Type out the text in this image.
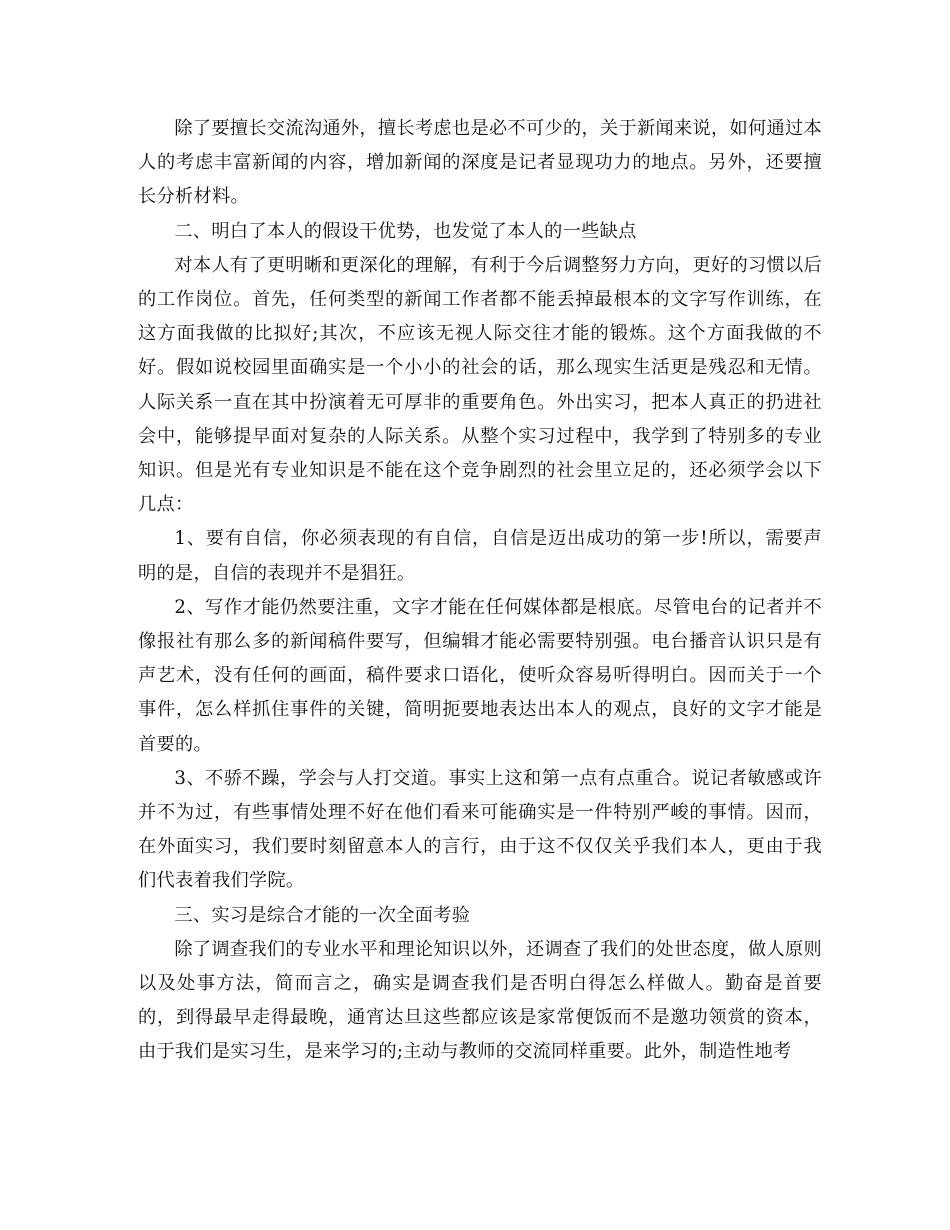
除了要擅长交流沟通外，擅长考虑也是必不可少的，关于新闻来说，如何通过本人的考虑丰富新闻的内容，增加新闻的深度是记者显现功力的地点。另外，还要擅长分析材料。

二、明白了本人的假设干优势，也发觉了本人的一些缺点

对本人有了更明晰和更深化的理解，有利于今后调整努力方向，更好的习惯以后的工作岗位。首先，任何类型的新闻工作者都不能丢掉最根本的文字写作训练，在这方面我做的比拟好;其次，不应该无视人际交往才能的锻炼。这个方面我做的不好。假如说校园里面确实是一个小小的社会的话，那么现实生活更是残忍和无情。人际关系一直在其中扮演着无可厚非的重要角色。外出实习，把本人真正的扔进社会中，能够提早面对复杂的人际关系。从整个实习过程中，我学到了特别多的专业知识。但是光有专业知识是不能在这个竞争剧烈的社会里立足的，还必须学会以下几点：

1、要有自信，你必须表现的有自信，自信是迈出成功的第一步!所以，需要声明的是，自信的表现并不是猖狂。

2、写作才能仍然要注重，文字才能在任何媒体都是根底。尽管电台的记者并不像报社有那么多的新闻稿件要写，但编辑才能必需要特别强。电台播音认识只是有声艺术，没有任何的画面，稿件要求口语化，使听众容易听得明白。因而关于一个事件，怎么样抓住事件的关键，简明扼要地表达出本人的观点，良好的文字才能是首要的。

3、不骄不躁，学会与人打交道。事实上这和第一点有点重合。说记者敏感或许并不为过，有些事情处理不好在他们看来可能确实是一件特别严峻的事情。因而，在外面实习，我们要时刻留意本人的言行，由于这不仅仅关乎我们本人，更由于我们代表着我们学院。

三、实习是综合才能的一次全面考验

除了调查我们的专业水平和理论知识以外，还调查了我们的处世态度，做人原则以及处事方法，简而言之，确实是调查我们是否明白得怎么样做人。勤奋是首要的，到得最早走得最晚，通宵达旦这些都应该是家常便饭而不是邀功领赏的资本，由于我们是实习生，是来学习的;主动与教师的交流同样重要。此外，制造性地考
